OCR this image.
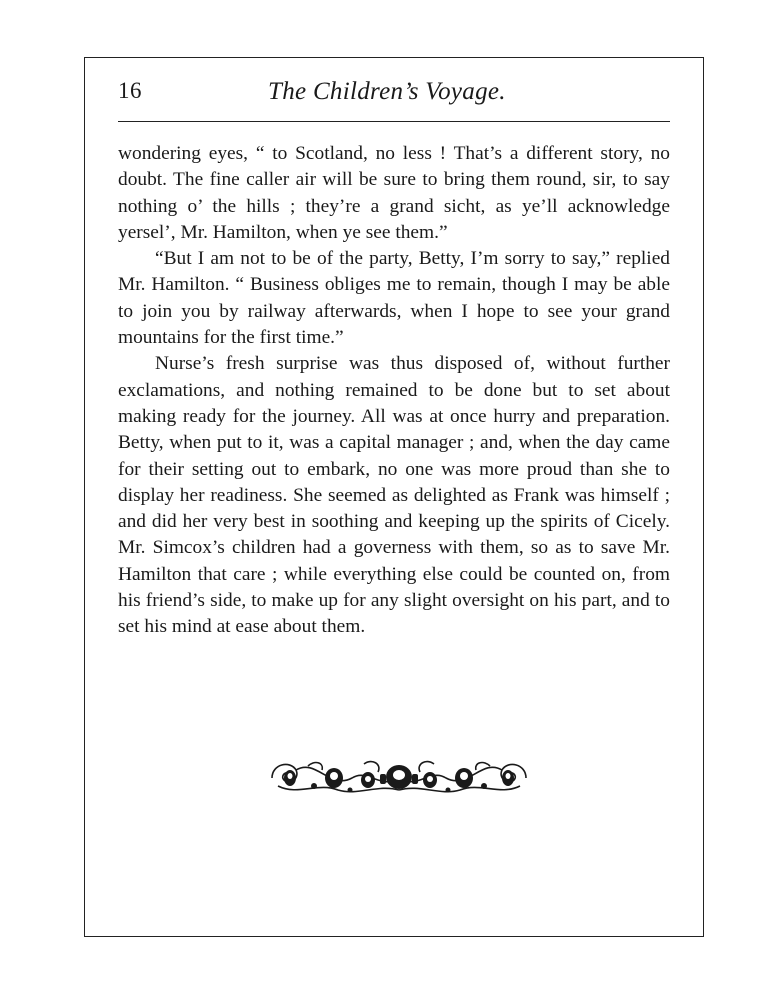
16	The Children’s Voyage.

wondering eyes, “ to Scotland, no less ! That’s a different story, no doubt. The fine caller air will be sure to bring them round, sir, to say nothing o’ the hills ; they’re a grand sicht, as ye’ll acknowledge yersel’, Mr. Hamilton, when ye see them.”

“But I am not to be of the party, Betty, I’m sorry to say,” replied Mr. Hamilton. “ Business obliges me to remain, though I may be able to join you by railway afterwards, when I hope to see your grand mountains for the first time.”

Nurse’s fresh surprise was thus disposed of, without further exclamations, and nothing remained to be done but to set about making ready for the journey. All was at once hurry and preparation. Betty, when put to it, was a capital manager ; and, when the day came for their setting out to embark, no one was more proud than she to display her readiness. She seemed as delighted as Frank was himself ; and did her very best in soothing and keeping up the spirits of Cicely. Mr. Simcox’s children had a governess with them, so as to save Mr. Hamilton that care ; while everything else could be counted on, from his friend’s side, to make up for any slight oversight on his part, and to set his mind at ease about them.
